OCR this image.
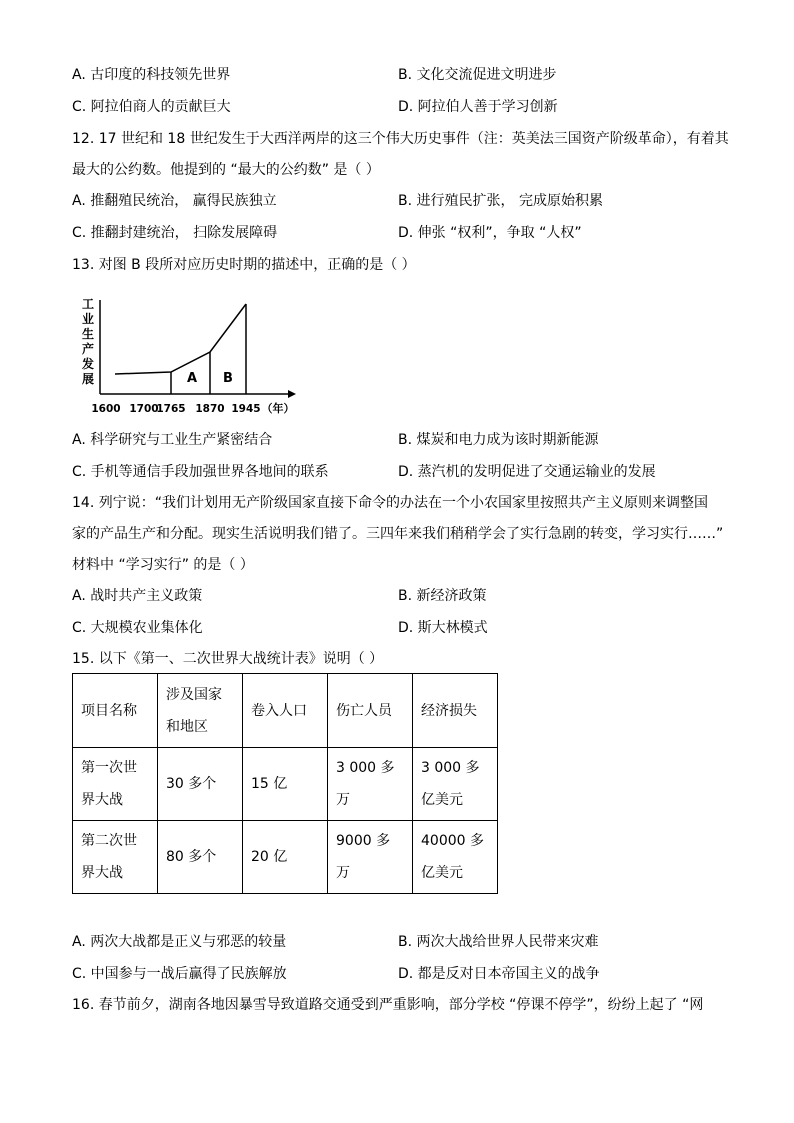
A. 古印度的科技领先世界	B. 文化交流促进文明进步
C. 阿拉伯商人的贡献巨大	D. 阿拉伯人善于学习创新
12. 17 世纪和 18 世纪发生于大西洋两岸的这三个伟大历史事件（注：英美法三国资产阶级革命），有着其
最大的公约数。他提到的 “最大的公约数” 是（ ）
A. 推翻殖民统治， 赢得民族独立	B. 进行殖民扩张， 完成原始积累
C. 推翻封建统治， 扫除发展障碍	D. 伸张 “权利”，争取 “人权”
13. 对图 B 段所对应历史时期的描述中，正确的是（ ）
工业生产发展	A B
1600 1700
1765 1870 1945 （年）
A. 科学研究与工业生产紧密结合	B. 煤炭和电力成为该时期新能源
C. 手机等通信手段加强世界各地间的联系	D. 蒸汽机的发明促进了交通运输业的发展
14. 列宁说：“我们计划用无产阶级国家直接下命令的办法在一个小农国家里按照共产主义原则来调整国
家的产品生产和分配。现实生活说明我们错了。三四年来我们稍稍学会了实行急剧的转变，学习实行……”
材料中 “学习实行” 的是（ ）
A. 战时共产主义政策	B. 新经济政策
C. 大规模农业集体化	D. 斯大林模式
15. 以下《第一、二次世界大战统计表》说明（ ）
项目名称	涉及国家和地区	卷入人口	伤亡人员	经济损失
第一次世界大战	30 多个	15 亿	3 000 多万	3 000 多亿美元
第二次世界大战	80 多个	20 亿	9000 多万	40000 多亿美元
A. 两次大战都是正义与邪恶的较量	B. 两次大战给世界人民带来灾难
C. 中国参与一战后赢得了民族解放	D. 都是反对日本帝国主义的战争
16. 春节前夕，湖南各地因暴雪导致道路交通受到严重影响，部分学校 “停课不停学”，纷纷上起了 “网
